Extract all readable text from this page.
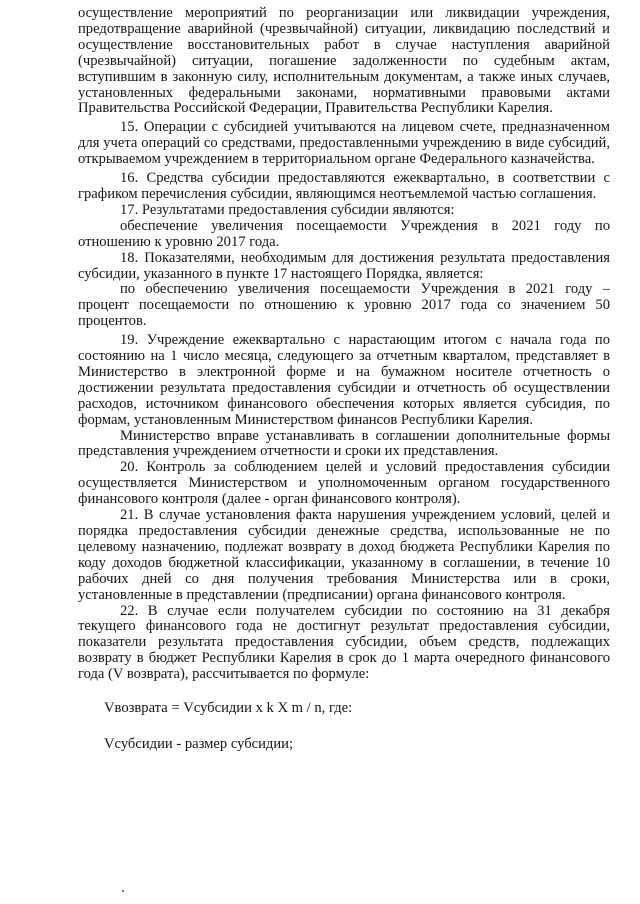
осуществление мероприятий по реорганизации или ликвидации учреждения, предотвращение аварийной (чрезвычайной) ситуации, ликвидацию последствий и осуществление восстановительных работ в случае наступления аварийной (чрезвычайной) ситуации, погашение задолженности по судебным актам, вступившим в законную силу, исполнительным документам, а также иных случаев, установленных федеральными законами, нормативными правовыми актами Правительства Российской Федерации, Правительства Республики Карелия.

15. Операции с субсидией учитываются на лицевом счете, предназначенном для учета операций со средствами, предоставленными учреждению в виде субсидий, открываемом учреждением в территориальном органе Федерального казначейства.

16. Средства субсидии предоставляются ежеквартально, в соответствии с графиком перечисления субсидии, являющимся неотъемлемой частью соглашения.

17. Результатами предоставления субсидии являются:

обеспечение увеличения посещаемости Учреждения в 2021 году по отношению к уровню 2017 года.

18. Показателями, необходимым для достижения результата предоставления субсидии, указанного в пункте 17 настоящего Порядка, является:

по обеспечению увеличения посещаемости Учреждения в 2021 году – процент посещаемости по отношению к уровню 2017 года со значением 50 процентов.

19. Учреждение ежеквартально с нарастающим итогом с начала года по состоянию на 1 число месяца, следующего за отчетным кварталом, представляет в Министерство в электронной форме и на бумажном носителе отчетность о достижении результата предоставления субсидии и отчетность об осуществлении расходов, источником финансового обеспечения которых является субсидия, по формам, установленным Министерством финансов Республики Карелия.

Министерство вправе устанавливать в соглашении дополнительные формы представления учреждением отчетности и сроки их представления.

20. Контроль за соблюдением целей и условий предоставления субсидии осуществляется Министерством и уполномоченным органом государственного финансового контроля (далее - орган финансового контроля).

21. В случае установления факта нарушения учреждением условий, целей и порядка предоставления субсидии денежные средства, использованные не по целевому назначению, подлежат возврату в доход бюджета Республики Карелия по коду доходов бюджетной классификации, указанному в соглашении, в течение 10 рабочих дней со дня получения требования Министерства или в сроки, установленные в представлении (предписании) органа финансового контроля.

22. В случае если получателем субсидии по состоянию на 31 декабря текущего финансового года не достигнут результат предоставления субсидии, показатели результата предоставления субсидии, объем средств, подлежащих возврату в бюджет Республики Карелия в срок до 1 марта очередного финансового года (V возврата), рассчитывается по формуле:

Vвозврата = Vсубсидии x k X m / n, где:

Vсубсидии - размер субсидии;
